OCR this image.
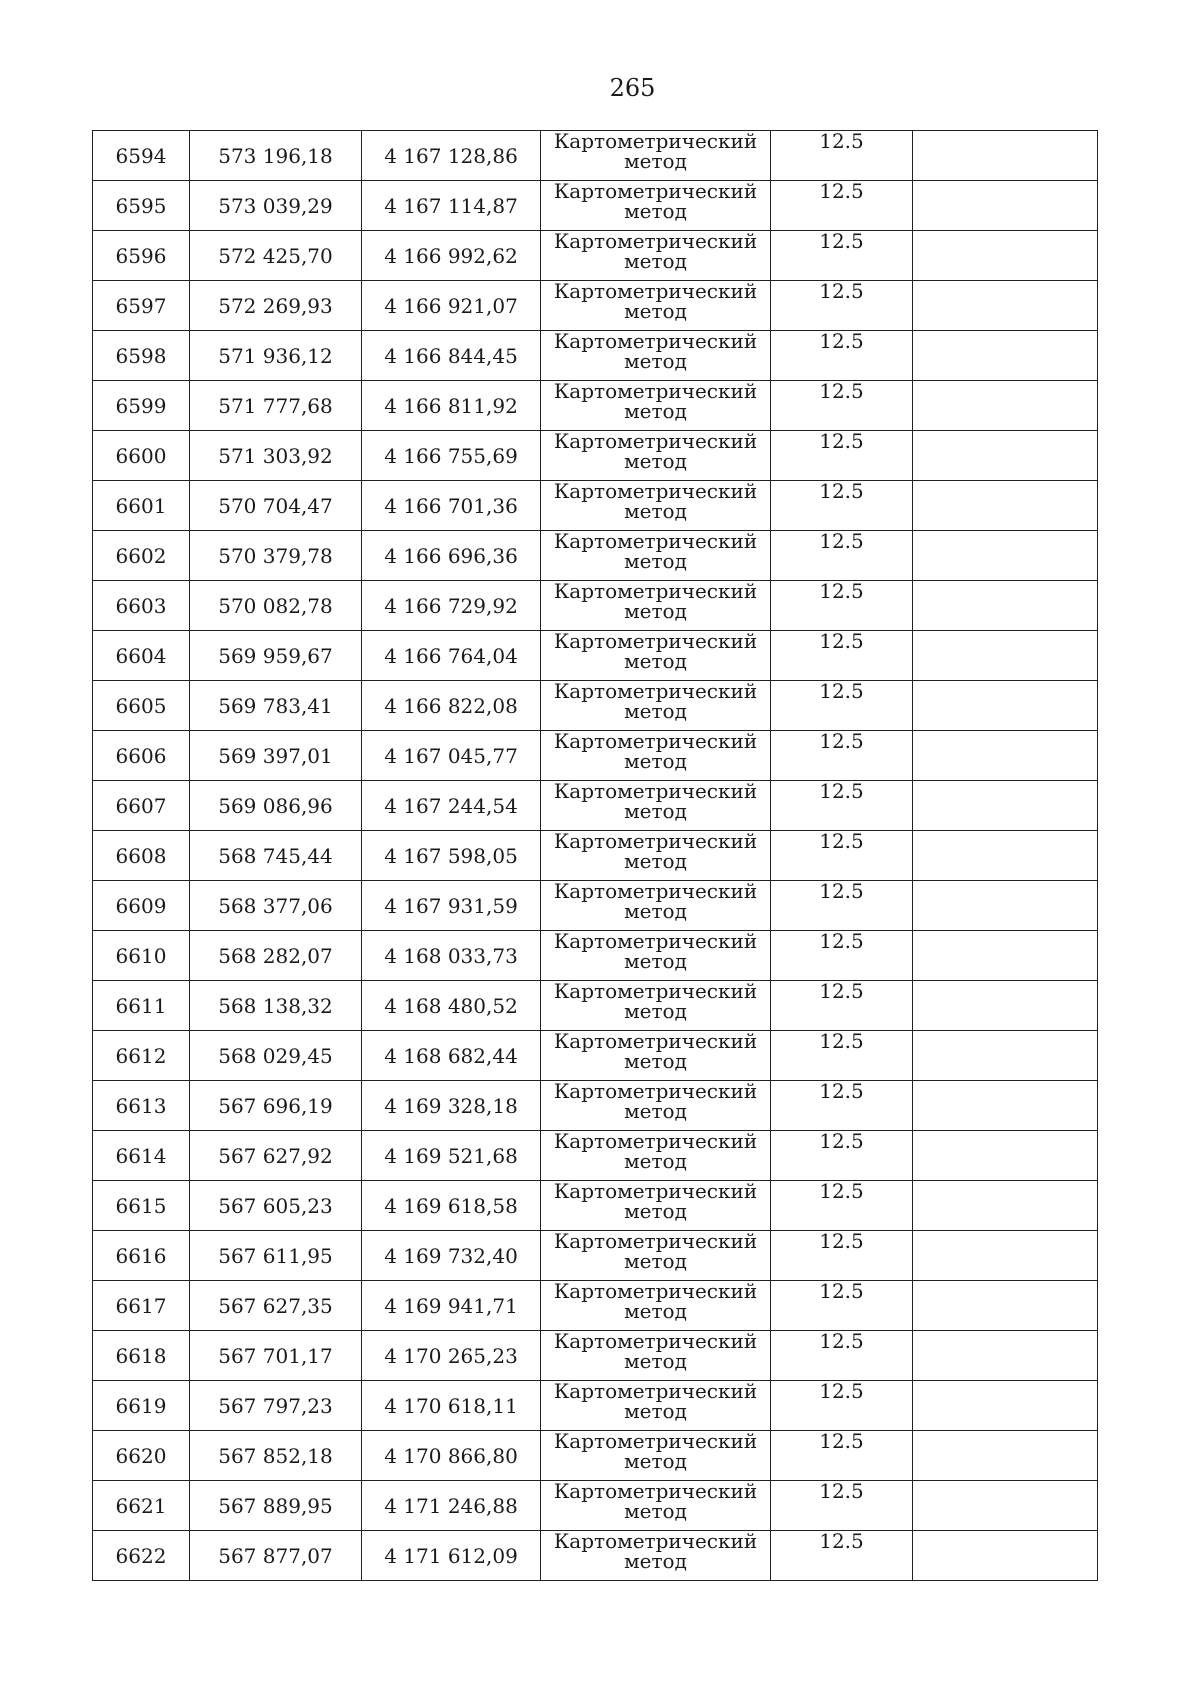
265
6594	573 196,18	4 167 128,86	Картометрический метод	12.5	
6595	573 039,29	4 167 114,87	Картометрический метод	12.5	
6596	572 425,70	4 166 992,62	Картометрический метод	12.5	
6597	572 269,93	4 166 921,07	Картометрический метод	12.5	
6598	571 936,12	4 166 844,45	Картометрический метод	12.5	
6599	571 777,68	4 166 811,92	Картометрический метод	12.5	
6600	571 303,92	4 166 755,69	Картометрический метод	12.5	
6601	570 704,47	4 166 701,36	Картометрический метод	12.5	
6602	570 379,78	4 166 696,36	Картометрический метод	12.5	
6603	570 082,78	4 166 729,92	Картометрический метод	12.5	
6604	569 959,67	4 166 764,04	Картометрический метод	12.5	
6605	569 783,41	4 166 822,08	Картометрический метод	12.5	
6606	569 397,01	4 167 045,77	Картометрический метод	12.5	
6607	569 086,96	4 167 244,54	Картометрический метод	12.5	
6608	568 745,44	4 167 598,05	Картометрический метод	12.5	
6609	568 377,06	4 167 931,59	Картометрический метод	12.5	
6610	568 282,07	4 168 033,73	Картометрический метод	12.5	
6611	568 138,32	4 168 480,52	Картометрический метод	12.5	
6612	568 029,45	4 168 682,44	Картометрический метод	12.5	
6613	567 696,19	4 169 328,18	Картометрический метод	12.5	
6614	567 627,92	4 169 521,68	Картометрический метод	12.5	
6615	567 605,23	4 169 618,58	Картометрический метод	12.5	
6616	567 611,95	4 169 732,40	Картометрический метод	12.5	
6617	567 627,35	4 169 941,71	Картометрический метод	12.5	
6618	567 701,17	4 170 265,23	Картометрический метод	12.5	
6619	567 797,23	4 170 618,11	Картометрический метод	12.5	
6620	567 852,18	4 170 866,80	Картометрический метод	12.5	
6621	567 889,95	4 171 246,88	Картометрический метод	12.5	
6622	567 877,07	4 171 612,09	Картометрический метод	12.5	
